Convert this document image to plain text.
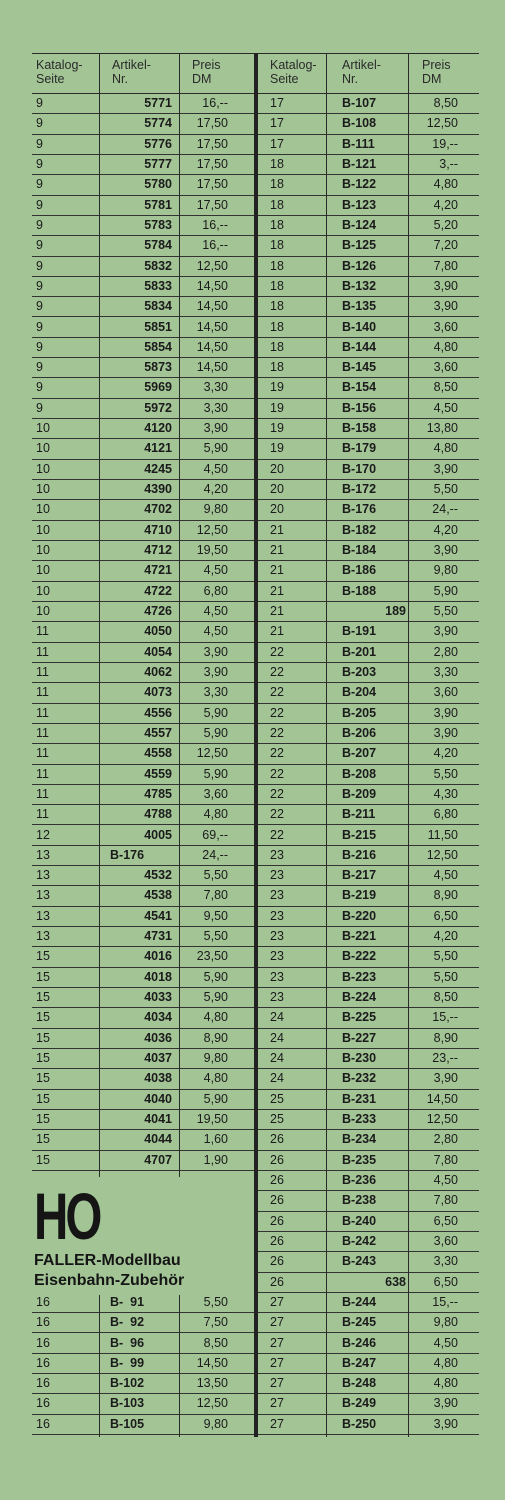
Katalog-
Seite
Artikel-
Nr.
Preis
DM
Katalog-
Seite
Artikel-
Nr.
Preis
DM
9	5771	16,--
9	5774	17,50
9	5776	17,50
9	5777	17,50
9	5780	17,50
9	5781	17,50
9	5783	16,--
9	5784	16,--
9	5832	12,50
9	5833	14,50
9	5834	14,50
9	5851	14,50
9	5854	14,50
9	5873	14,50
9	5969	3,30
9	5972	3,30
10	4120	3,90
10	4121	5,90
10	4245	4,50
10	4390	4,20
10	4702	9,80
10	4710	12,50
10	4712	19,50
10	4721	4,50
10	4722	6,80
10	4726	4,50
11	4050	4,50
11	4054	3,90
11	4062	3,90
11	4073	3,30
11	4556	5,90
11	4557	5,90
11	4558	12,50
11	4559	5,90
11	4785	3,60
11	4788	4,80
12	4005	69,--
13	B-176	24,--
13	4532	5,50
13	4538	7,80
13	4541	9,50
13	4731	5,50
15	4016	23,50
15	4018	5,90
15	4033	5,90
15	4034	4,80
15	4036	8,90
15	4037	9,80
15	4038	4,80
15	4040	5,90
15	4041	19,50
15	4044	1,60
15	4707	1,90
16	B-  91	5,50
16	B-  92	7,50
16	B-  96	8,50
16	B-  99	14,50
16	B-102	13,50
16	B-103	12,50
16	B-105	9,80
17	B-107	8,50
17	B-108	12,50
17	B-111	19,--
18	B-121	3,--
18	B-122	4,80
18	B-123	4,20
18	B-124	5,20
18	B-125	7,20
18	B-126	7,80
18	B-132	3,90
18	B-135	3,90
18	B-140	3,60
18	B-144	4,80
18	B-145	3,60
19	B-154	8,50
19	B-156	4,50
19	B-158	13,80
19	B-179	4,80
20	B-170	3,90
20	B-172	5,50
20	B-176	24,--
21	B-182	4,20
21	B-184	3,90
21	B-186	9,80
21	B-188	5,90
21	189	5,50
21	B-191	3,90
22	B-201	2,80
22	B-203	3,30
22	B-204	3,60
22	B-205	3,90
22	B-206	3,90
22	B-207	4,20
22	B-208	5,50
22	B-209	4,30
22	B-211	6,80
22	B-215	11,50
23	B-216	12,50
23	B-217	4,50
23	B-219	8,90
23	B-220	6,50
23	B-221	4,20
23	B-222	5,50
23	B-223	5,50
23	B-224	8,50
24	B-225	15,--
24	B-227	8,90
24	B-230	23,--
24	B-232	3,90
25	B-231	14,50
25	B-233	12,50
26	B-234	2,80
26	B-235	7,80
26	B-236	4,50
26	B-238	7,80
26	B-240	6,50
26	B-242	3,60
26	B-243	3,30
26	638	6,50
27	B-244	15,--
27	B-245	9,80
27	B-246	4,50
27	B-247	4,80
27	B-248	4,80
27	B-249	3,90
27	B-250	3,90
HO
FALLER-Modellbau
Eisenbahn-Zubehör
